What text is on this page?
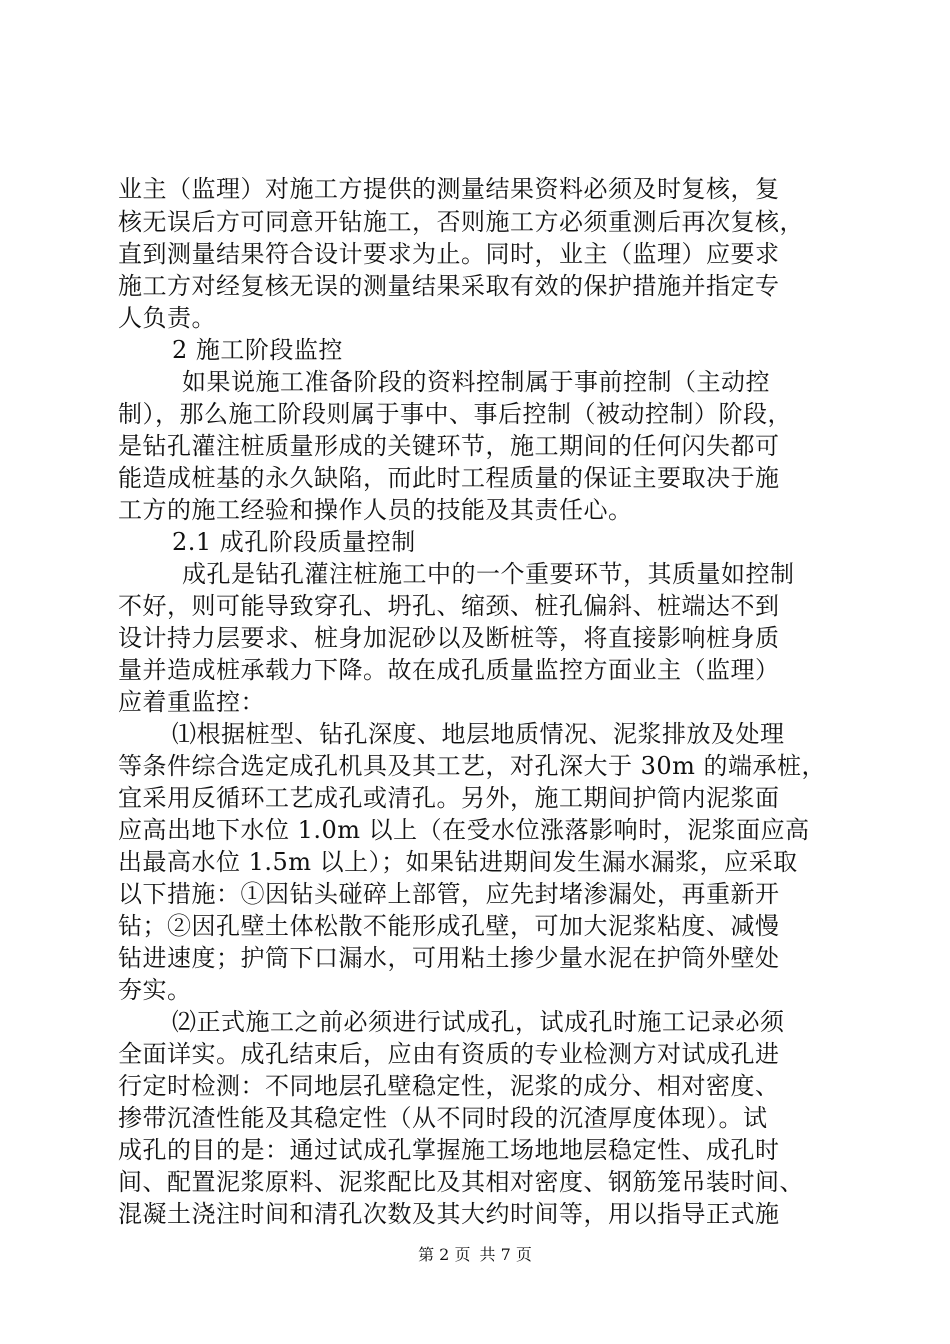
业主（监理）对施工方提供的测量结果资料必须及时复核，复
核无误后方可同意开钻施工，否则施工方必须重测后再次复核，
直到测量结果符合设计要求为止。同时，业主（监理）应要求
施工方对经复核无误的测量结果采取有效的保护措施并指定专
人负责。
2 施工阶段监控
如果说施工准备阶段的资料控制属于事前控制（主动控
制），那么施工阶段则属于事中、事后控制（被动控制）阶段，
是钻孔灌注桩质量形成的关键环节，施工期间的任何闪失都可
能造成桩基的永久缺陷，而此时工程质量的保证主要取决于施
工方的施工经验和操作人员的技能及其责任心。
2.1 成孔阶段质量控制
成孔是钻孔灌注桩施工中的一个重要环节，其质量如控制
不好，则可能导致穿孔、坍孔、缩颈、桩孔偏斜、桩端达不到
设计持力层要求、桩身加泥砂以及断桩等，将直接影响桩身质
量并造成桩承载力下降。故在成孔质量监控方面业主（监理）
应着重监控：
⑴根据桩型、钻孔深度、地层地质情况、泥浆排放及处理
等条件综合选定成孔机具及其工艺，对孔深大于 30m 的端承桩，
宜采用反循环工艺成孔或清孔。另外，施工期间护筒内泥浆面
应高出地下水位 1.0m 以上（在受水位涨落影响时，泥浆面应高
出最高水位 1.5m 以上）；如果钻进期间发生漏水漏浆，应采取
以下措施：①因钻头碰碎上部管，应先封堵渗漏处，再重新开
钻；②因孔壁土体松散不能形成孔壁，可加大泥浆粘度、减慢
钻进速度；护筒下口漏水，可用粘土掺少量水泥在护筒外壁处
夯实。
⑵正式施工之前必须进行试成孔，试成孔时施工记录必须
全面详实。成孔结束后，应由有资质的专业检测方对试成孔进
行定时检测：不同地层孔壁稳定性，泥浆的成分、相对密度、
掺带沉渣性能及其稳定性（从不同时段的沉渣厚度体现）。试
成孔的目的是：通过试成孔掌握施工场地地层稳定性、成孔时
间、配置泥浆原料、泥浆配比及其相对密度、钢筋笼吊装时间、
混凝土浇注时间和清孔次数及其大约时间等，用以指导正式施
第 2 页 共 7 页
